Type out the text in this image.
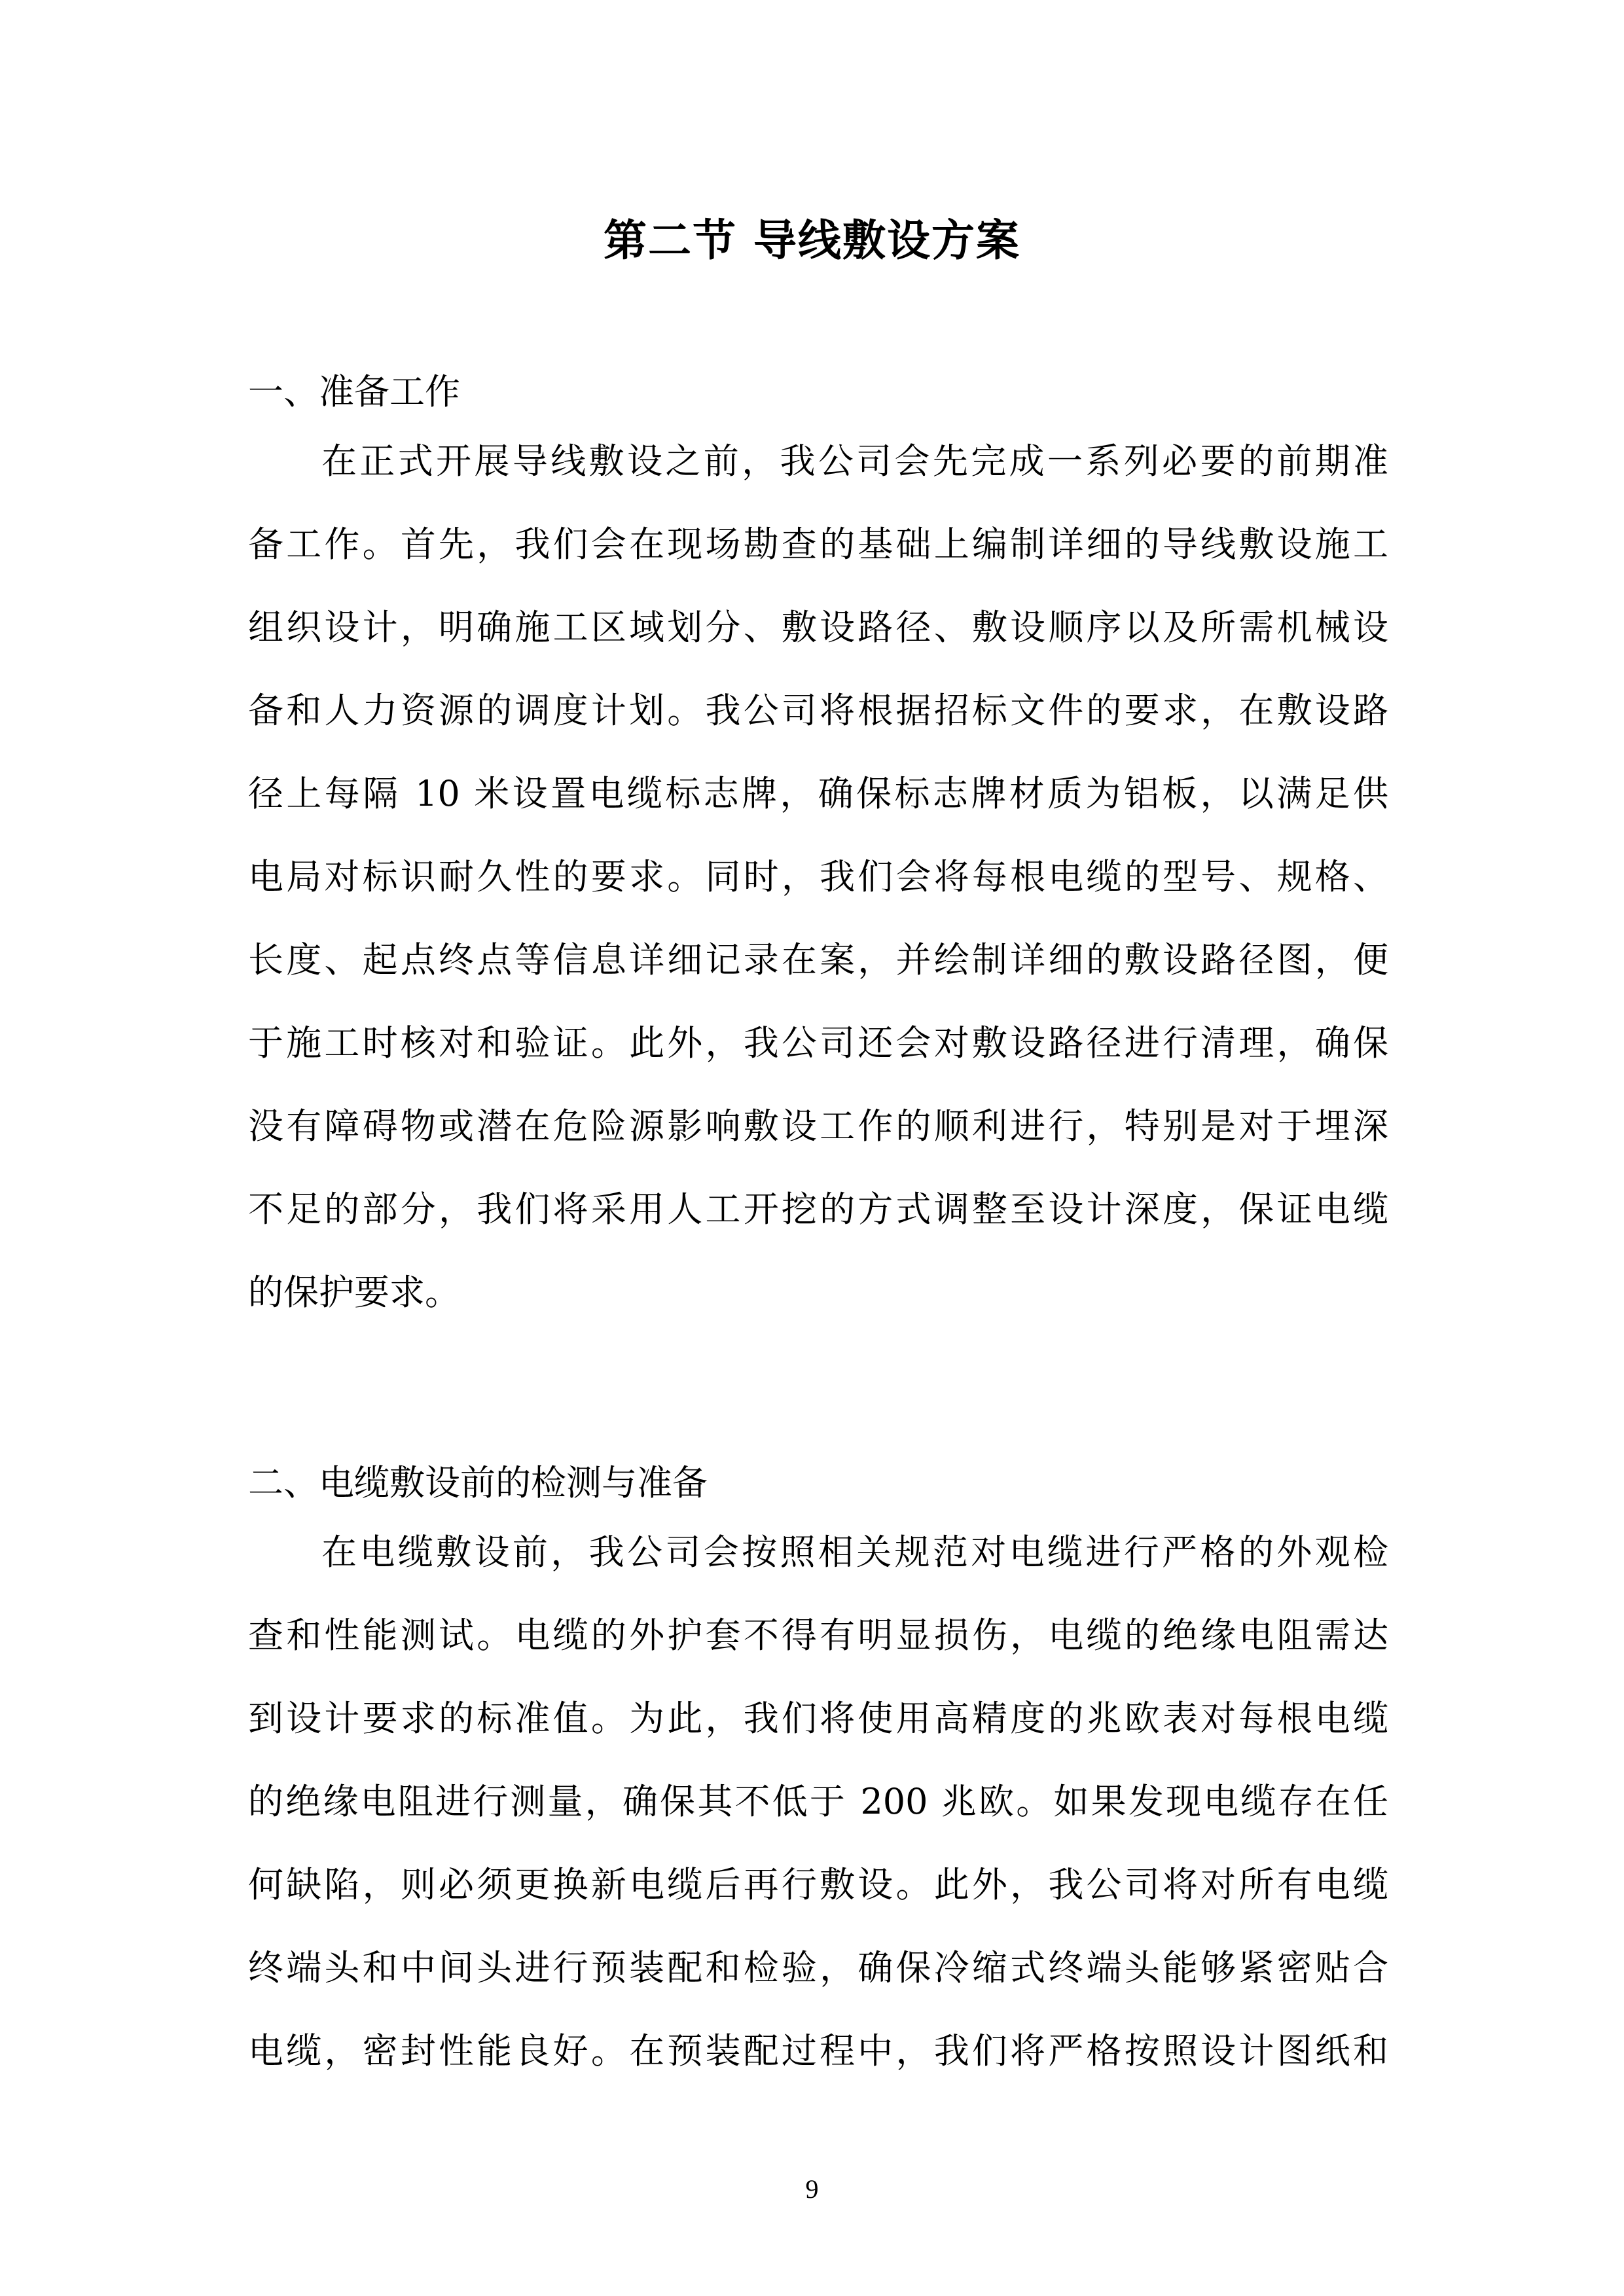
第二节 导线敷设方案
一、准备工作
在正式开展导线敷设之前，我公司会先完成一系列必要的前期准
备工作。首先，我们会在现场勘查的基础上编制详细的导线敷设施工
组织设计，明确施工区域划分、敷设路径、敷设顺序以及所需机械设
备和人力资源的调度计划。我公司将根据招标文件的要求，在敷设路
径上每隔 10 米设置电缆标志牌，确保标志牌材质为铝板，以满足供
电局对标识耐久性的要求。同时，我们会将每根电缆的型号、规格、
长度、起点终点等信息详细记录在案，并绘制详细的敷设路径图，便
于施工时核对和验证。此外，我公司还会对敷设路径进行清理，确保
没有障碍物或潜在危险源影响敷设工作的顺利进行，特别是对于埋深
不足的部分，我们将采用人工开挖的方式调整至设计深度，保证电缆
的保护要求。
二、电缆敷设前的检测与准备
在电缆敷设前，我公司会按照相关规范对电缆进行严格的外观检
查和性能测试。电缆的外护套不得有明显损伤，电缆的绝缘电阻需达
到设计要求的标准值。为此，我们将使用高精度的兆欧表对每根电缆
的绝缘电阻进行测量，确保其不低于 200 兆欧。如果发现电缆存在任
何缺陷，则必须更换新电缆后再行敷设。此外，我公司将对所有电缆
终端头和中间头进行预装配和检验，确保冷缩式终端头能够紧密贴合
电缆，密封性能良好。在预装配过程中，我们将严格按照设计图纸和
9
